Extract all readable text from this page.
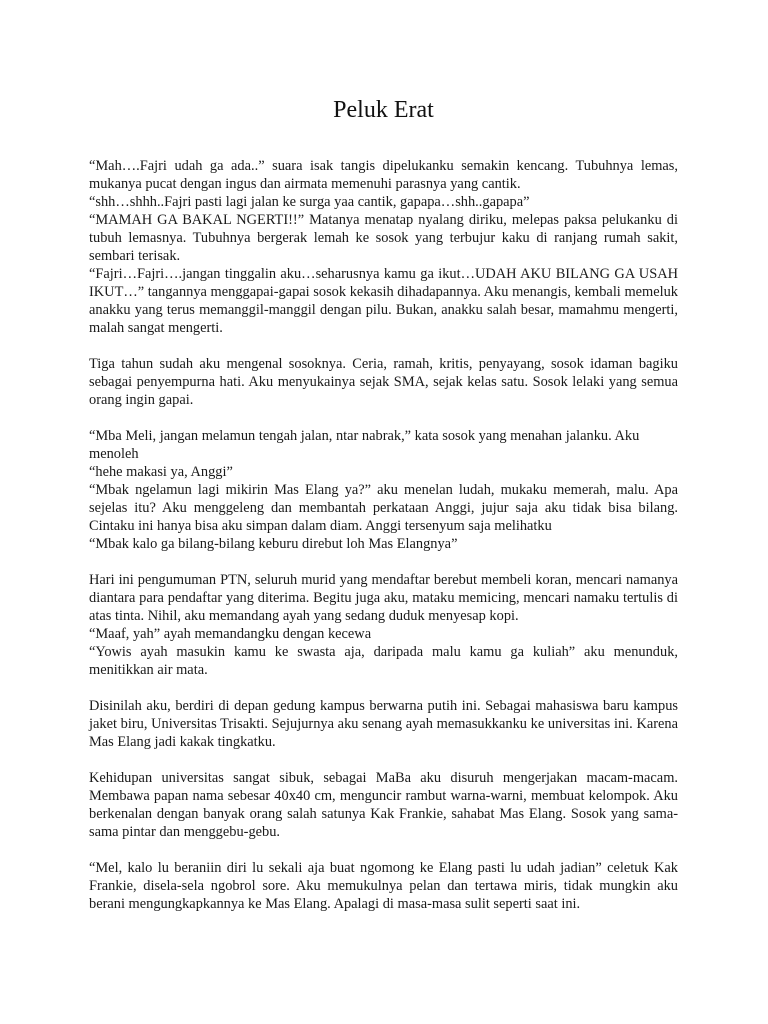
Peluk Erat

“Mah….Fajri udah ga ada..” suara isak tangis dipelukanku semakin kencang. Tubuhnya lemas, mukanya pucat dengan ingus dan airmata memenuhi parasnya yang cantik.

“shh…shhh..Fajri pasti lagi jalan ke surga yaa cantik, gapapa…shh..gapapa”

“MAMAH GA BAKAL NGERTI!!” Matanya menatap nyalang diriku, melepas paksa pelukanku di tubuh lemasnya. Tubuhnya bergerak lemah ke sosok yang terbujur kaku di ranjang rumah sakit, sembari terisak.

“Fajri…Fajri….jangan tinggalin aku…seharusnya kamu ga ikut…UDAH AKU BILANG GA USAH IKUT…” tangannya menggapai-gapai sosok kekasih dihadapannya. Aku menangis, kembali memeluk anakku yang terus memanggil-manggil dengan pilu. Bukan, anakku salah besar, mamahmu mengerti, malah sangat mengerti.

Tiga tahun sudah aku mengenal sosoknya. Ceria, ramah, kritis, penyayang, sosok idaman bagiku sebagai penyempurna hati. Aku menyukainya sejak SMA, sejak kelas satu. Sosok lelaki yang semua orang ingin gapai.

“Mba Meli, jangan melamun tengah jalan, ntar nabrak,” kata sosok yang menahan jalanku. Aku menoleh

“hehe makasi ya, Anggi”

“Mbak ngelamun lagi mikirin Mas Elang ya?” aku menelan ludah, mukaku memerah, malu. Apa sejelas itu? Aku menggeleng dan membantah perkataan Anggi, jujur saja aku tidak bisa bilang. Cintaku ini hanya bisa aku simpan dalam diam. Anggi tersenyum saja melihatku

“Mbak kalo ga bilang-bilang keburu direbut loh Mas Elangnya”

Hari ini pengumuman PTN, seluruh murid yang mendaftar berebut membeli koran, mencari namanya diantara para pendaftar yang diterima. Begitu juga aku, mataku memicing, mencari namaku tertulis di atas tinta. Nihil, aku memandang ayah yang sedang duduk menyesap kopi.

“Maaf, yah” ayah memandangku dengan kecewa

“Yowis ayah masukin kamu ke swasta aja, daripada malu kamu ga kuliah” aku menunduk, menitikkan air mata.

Disinilah aku, berdiri di depan gedung kampus berwarna putih ini. Sebagai mahasiswa baru kampus jaket biru, Universitas Trisakti. Sejujurnya aku senang ayah memasukkanku ke universitas ini. Karena Mas Elang jadi kakak tingkatku.

Kehidupan universitas sangat sibuk, sebagai MaBa aku disuruh mengerjakan macam-macam. Membawa papan nama sebesar 40x40 cm, menguncir rambut warna-warni, membuat kelompok. Aku berkenalan dengan banyak orang salah satunya Kak Frankie, sahabat Mas Elang. Sosok yang sama-sama pintar dan menggebu-gebu.

“Mel, kalo lu beraniin diri lu sekali aja buat ngomong ke Elang pasti lu udah jadian” celetuk Kak Frankie, disela-sela ngobrol sore. Aku memukulnya pelan dan tertawa miris, tidak mungkin aku berani mengungkapkannya ke Mas Elang. Apalagi di masa-masa sulit seperti saat ini.
